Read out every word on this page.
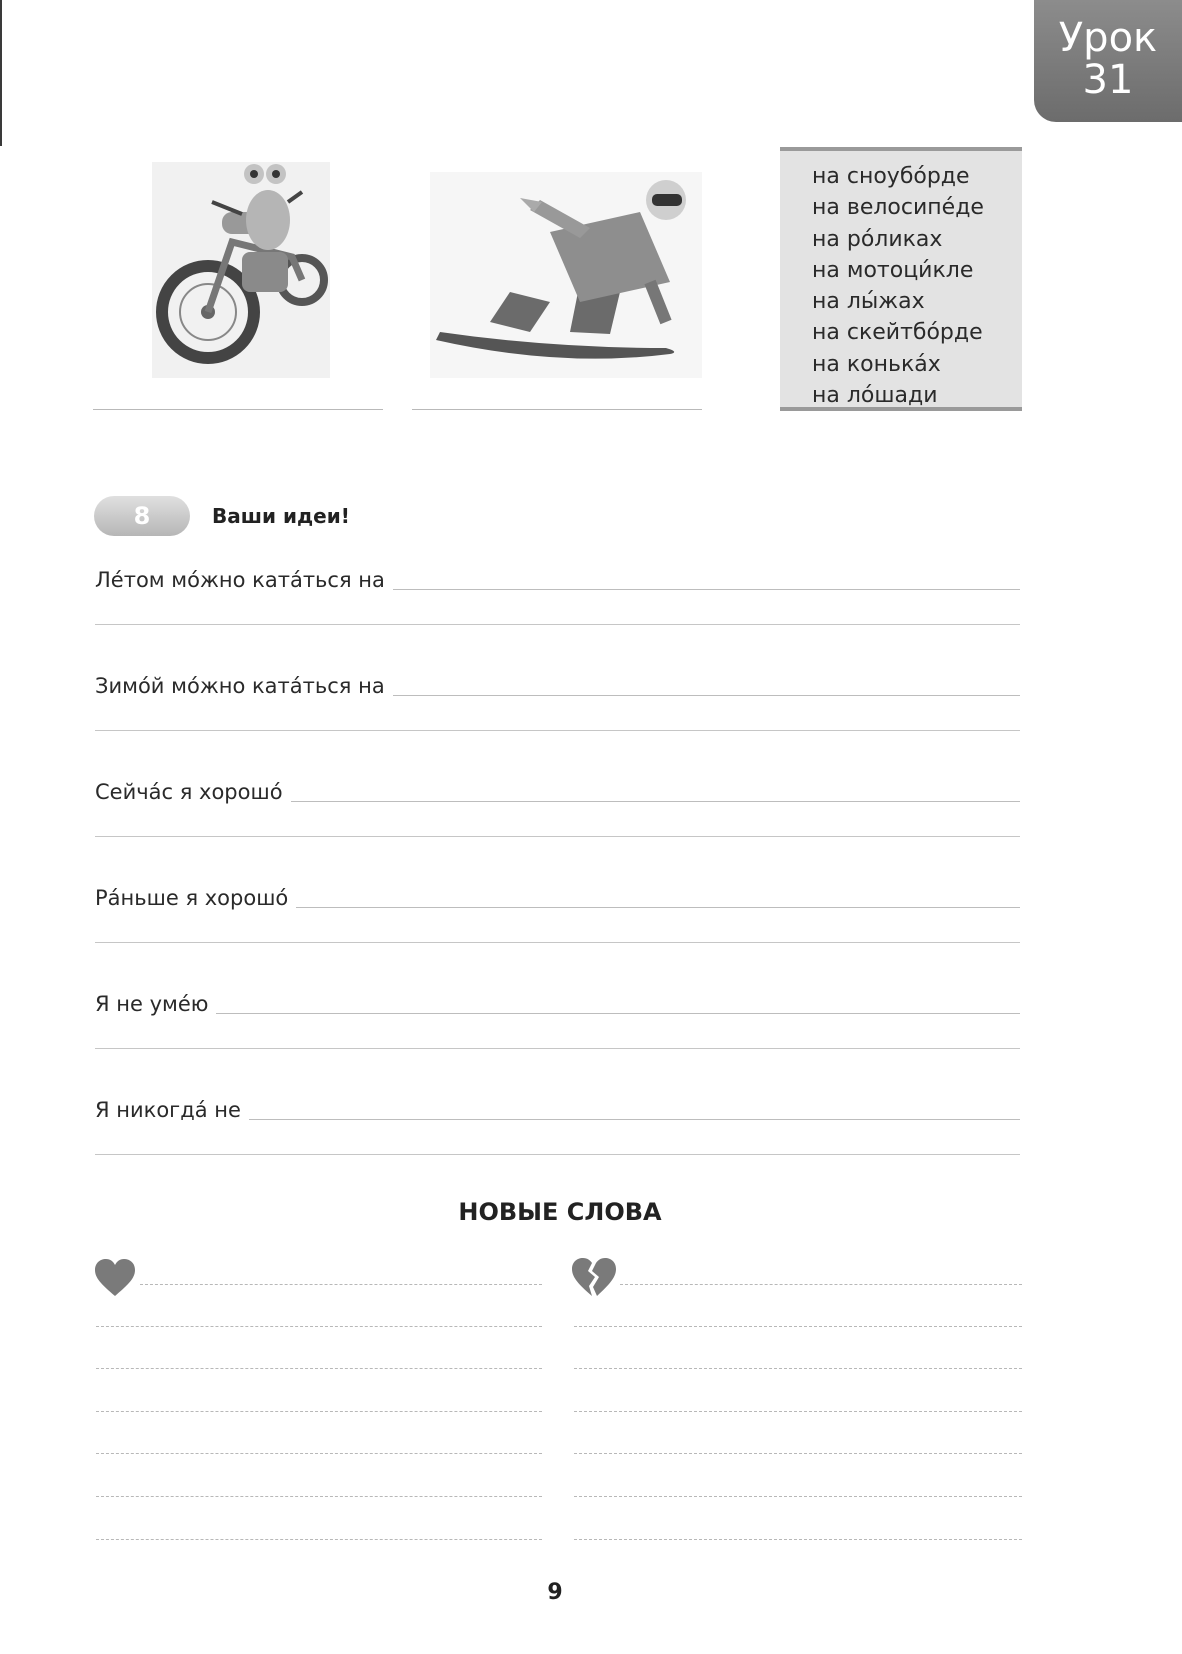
Урок
31
на сноубо́рде
на велосипе́де
на ро́ликах
на мотоци́кле
на лы́жах
на скейтбо́рде
на конька́х
на ло́шади
8	Ваши идеи!
Ле́том мо́жно ката́ться на
Зимо́й мо́жно ката́ться на
Сейча́с я хорошо́
Ра́ньше я хорошо́
Я не уме́ю
Я никогда́ не
НОВЫЕ СЛОВА
9
